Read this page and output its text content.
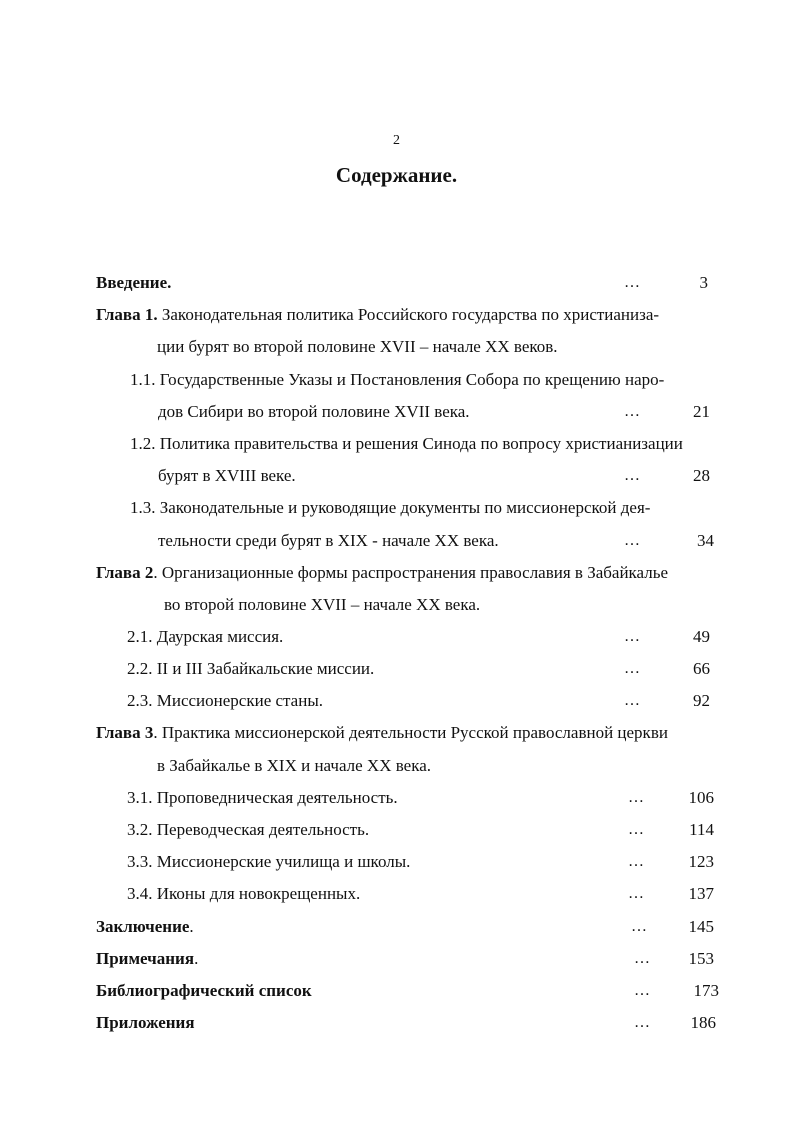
2
Содержание.
Введение.	…	3
Глава 1. Законодательная политика Российского государства по христианиза-
ции бурят во второй половине XVII – начале XX веков.
1.1. Государственные Указы и Постановления Собора по крещению наро-
дов Сибири во второй половине XVII века.	…	21
1.2. Политика правительства и решения Синода по вопросу христианизации
бурят в XVIII веке.	…	28
1.3. Законодательные и руководящие документы по миссионерской дея-
тельности среди бурят в XIX - начале XX века.	…	34
Глава 2. Организационные формы распространения православия в Забайкалье
во второй половине XVII – начале XX века.
2.1. Даурская миссия.	…	49
2.2. II и III Забайкальские миссии.	…	66
2.3. Миссионерские станы.	…	92
Глава 3. Практика миссионерской деятельности Русской православной церкви
в Забайкалье в XIX и начале XX века.
3.1. Проповедническая деятельность.	…	106
3.2. Переводческая деятельность.	…	114
3.3. Миссионерские училища и школы.	…	123
3.4. Иконы для новокрещенных.	…	137
Заключение.	…	145
Примечания.	…	153
Библиографический список	…	173
Приложения	…	186
